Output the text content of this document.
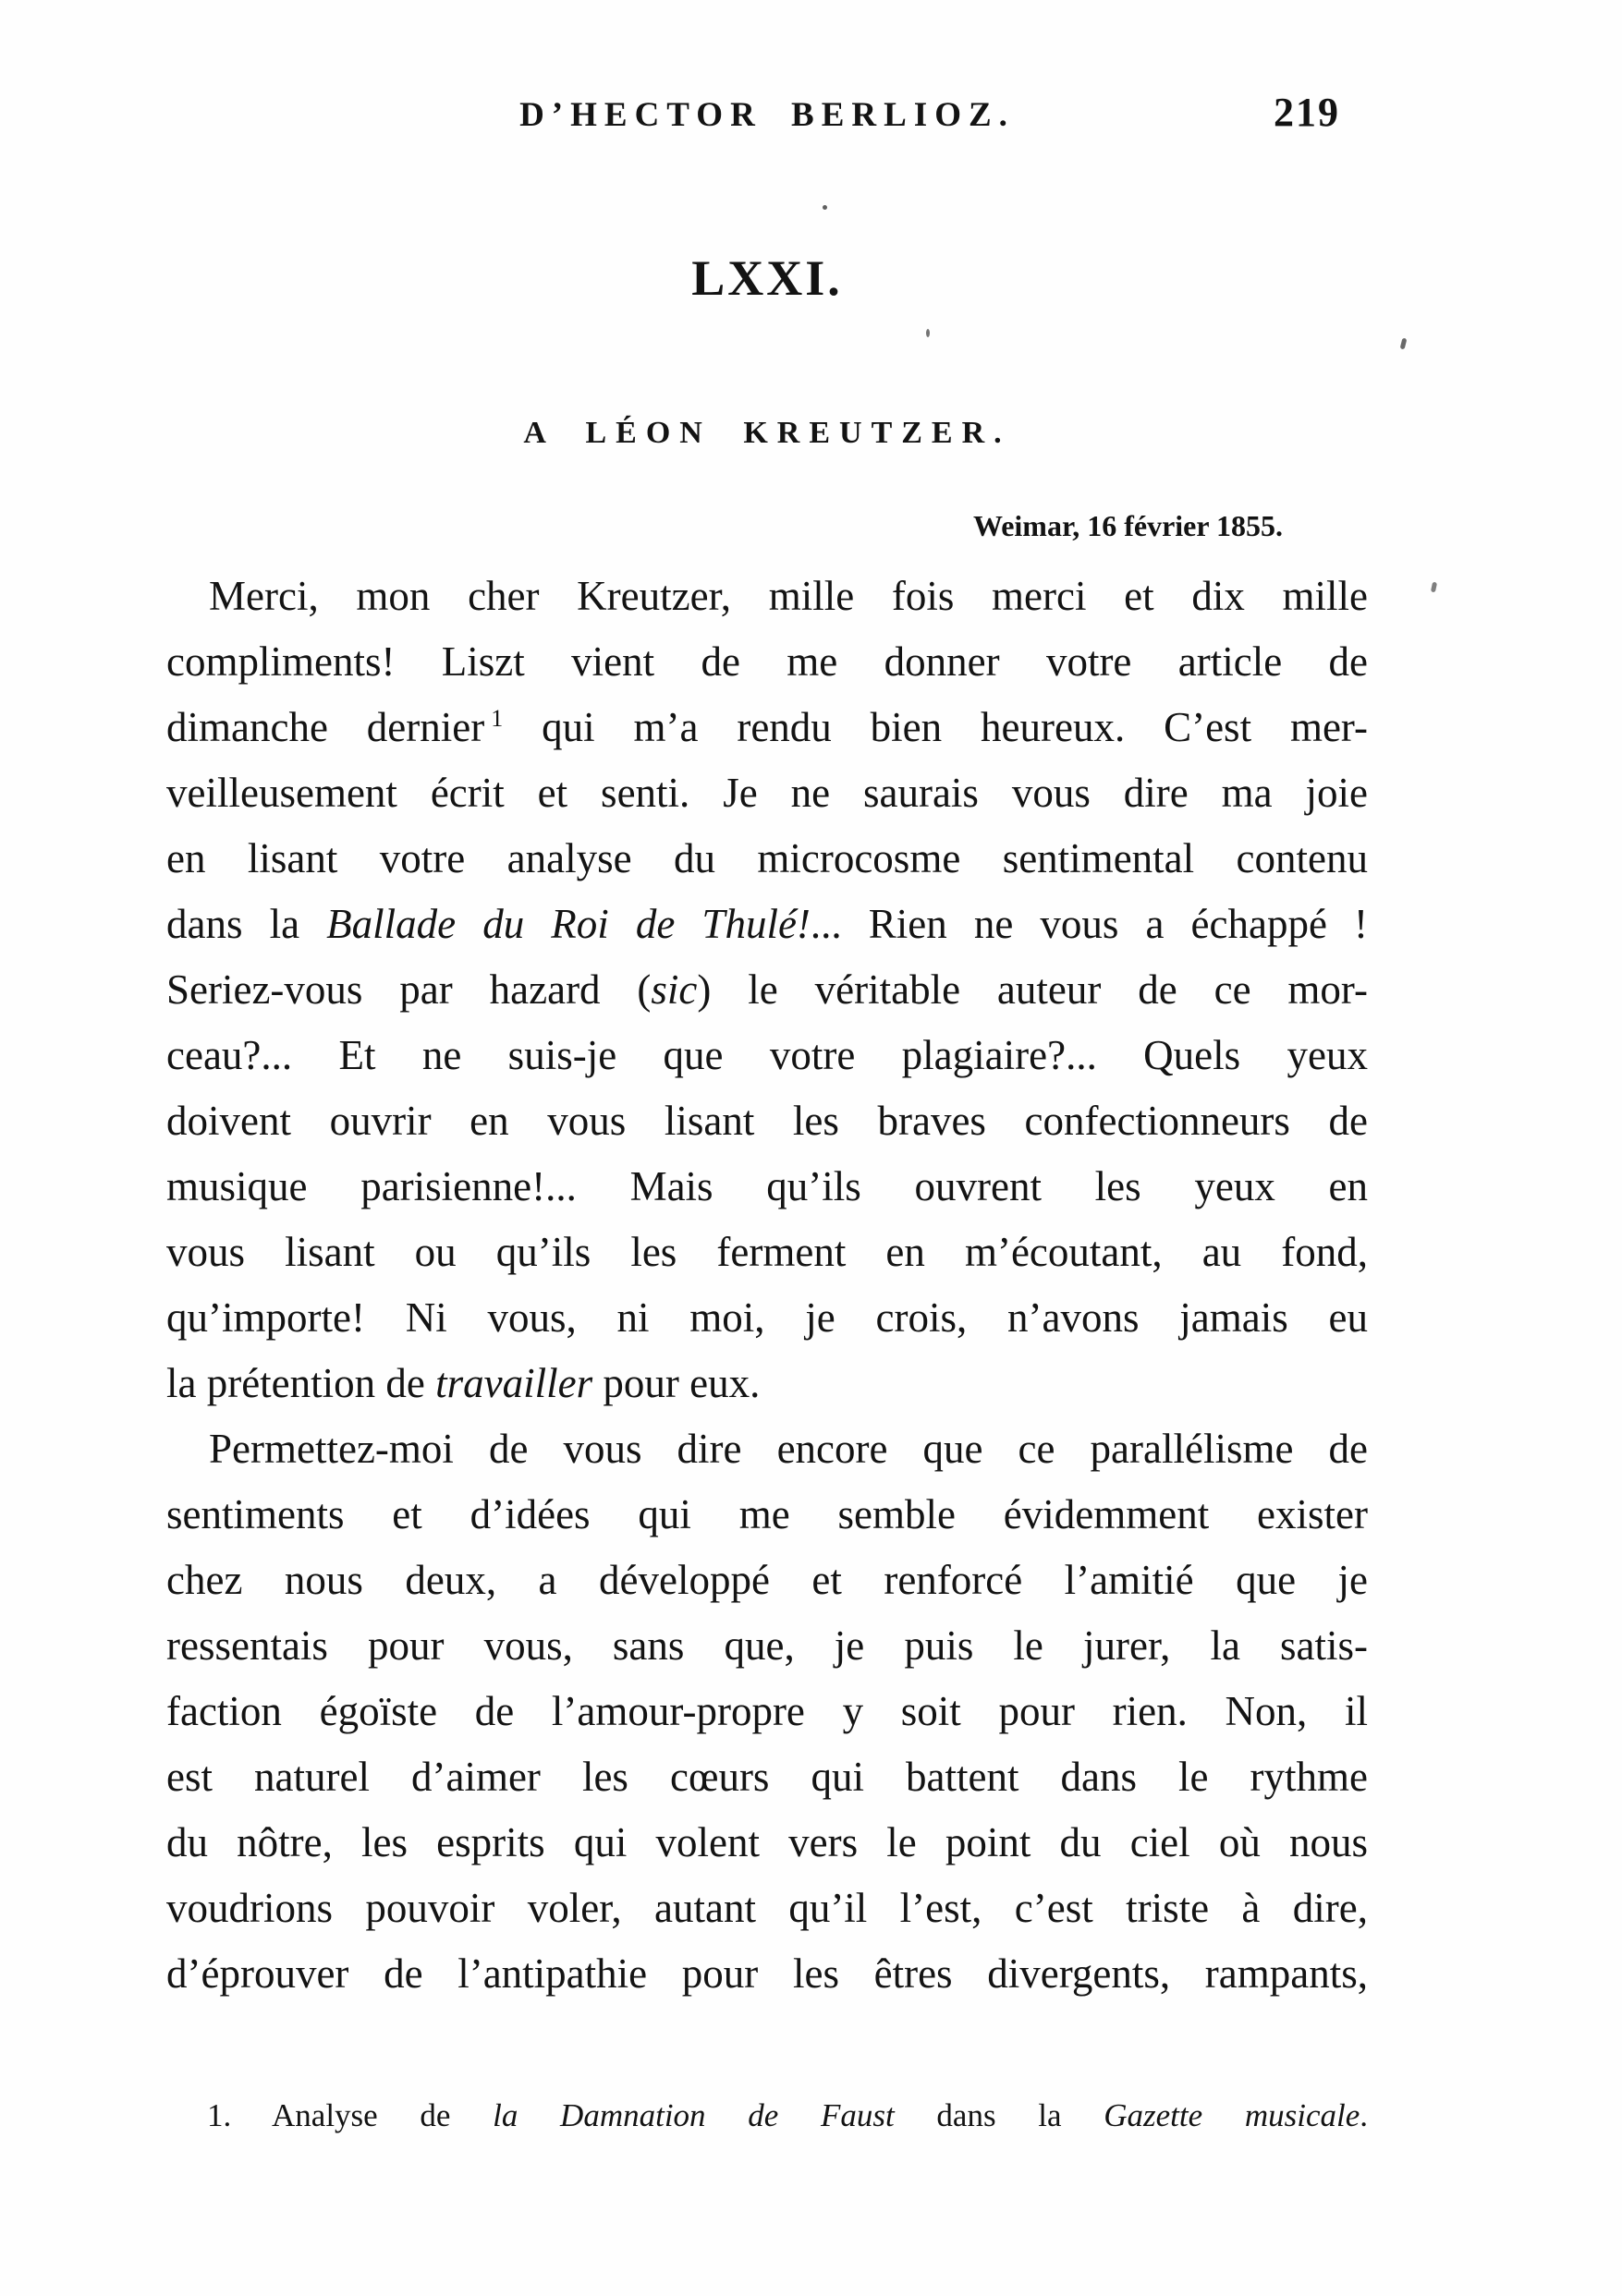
D’HECTOR BERLIOZ.	219
LXXI.
A LÉON KREUTZER.
Weimar, 16 février 1855.
Merci, mon cher Kreutzer, mille fois merci et dix mille
compliments! Liszt vient de me donner votre article de
dimanche dernier $^1$ qui m’a rendu bien heureux. C’est mer-
veilleusement écrit et senti. Je ne saurais vous dire ma joie
en lisant votre analyse du microcosme sentimental contenu
dans la Ballade du Roi de Thulé!... Rien ne vous a échappé !
Seriez-vous par hazard (sic) le véritable auteur de ce mor-
ceau?... Et ne suis-je que votre plagiaire?... Quels yeux
doivent ouvrir en vous lisant les braves confectionneurs de
musique parisienne!... Mais qu’ils ouvrent les yeux en
vous lisant ou qu’ils les ferment en m’écoutant, au fond,
qu’importe! Ni vous, ni moi, je crois, n’avons jamais eu
la prétention de travailler pour eux.
Permettez-moi de vous dire encore que ce parallélisme de
sentiments et d’idées qui me semble évidemment exister
chez nous deux, a développé et renforcé l’amitié que je
ressentais pour vous, sans que, je puis le jurer, la satis-
faction égoïste de l’amour-propre y soit pour rien. Non, il
est naturel d’aimer les cœurs qui battent dans le rythme
du nôtre, les esprits qui volent vers le point du ciel où nous
voudrions pouvoir voler, autant qu’il l’est, c’est triste à dire,
d’éprouver de l’antipathie pour les êtres divergents, rampants,
1. Analyse de la Damnation de Faust dans la Gazette musicale.
